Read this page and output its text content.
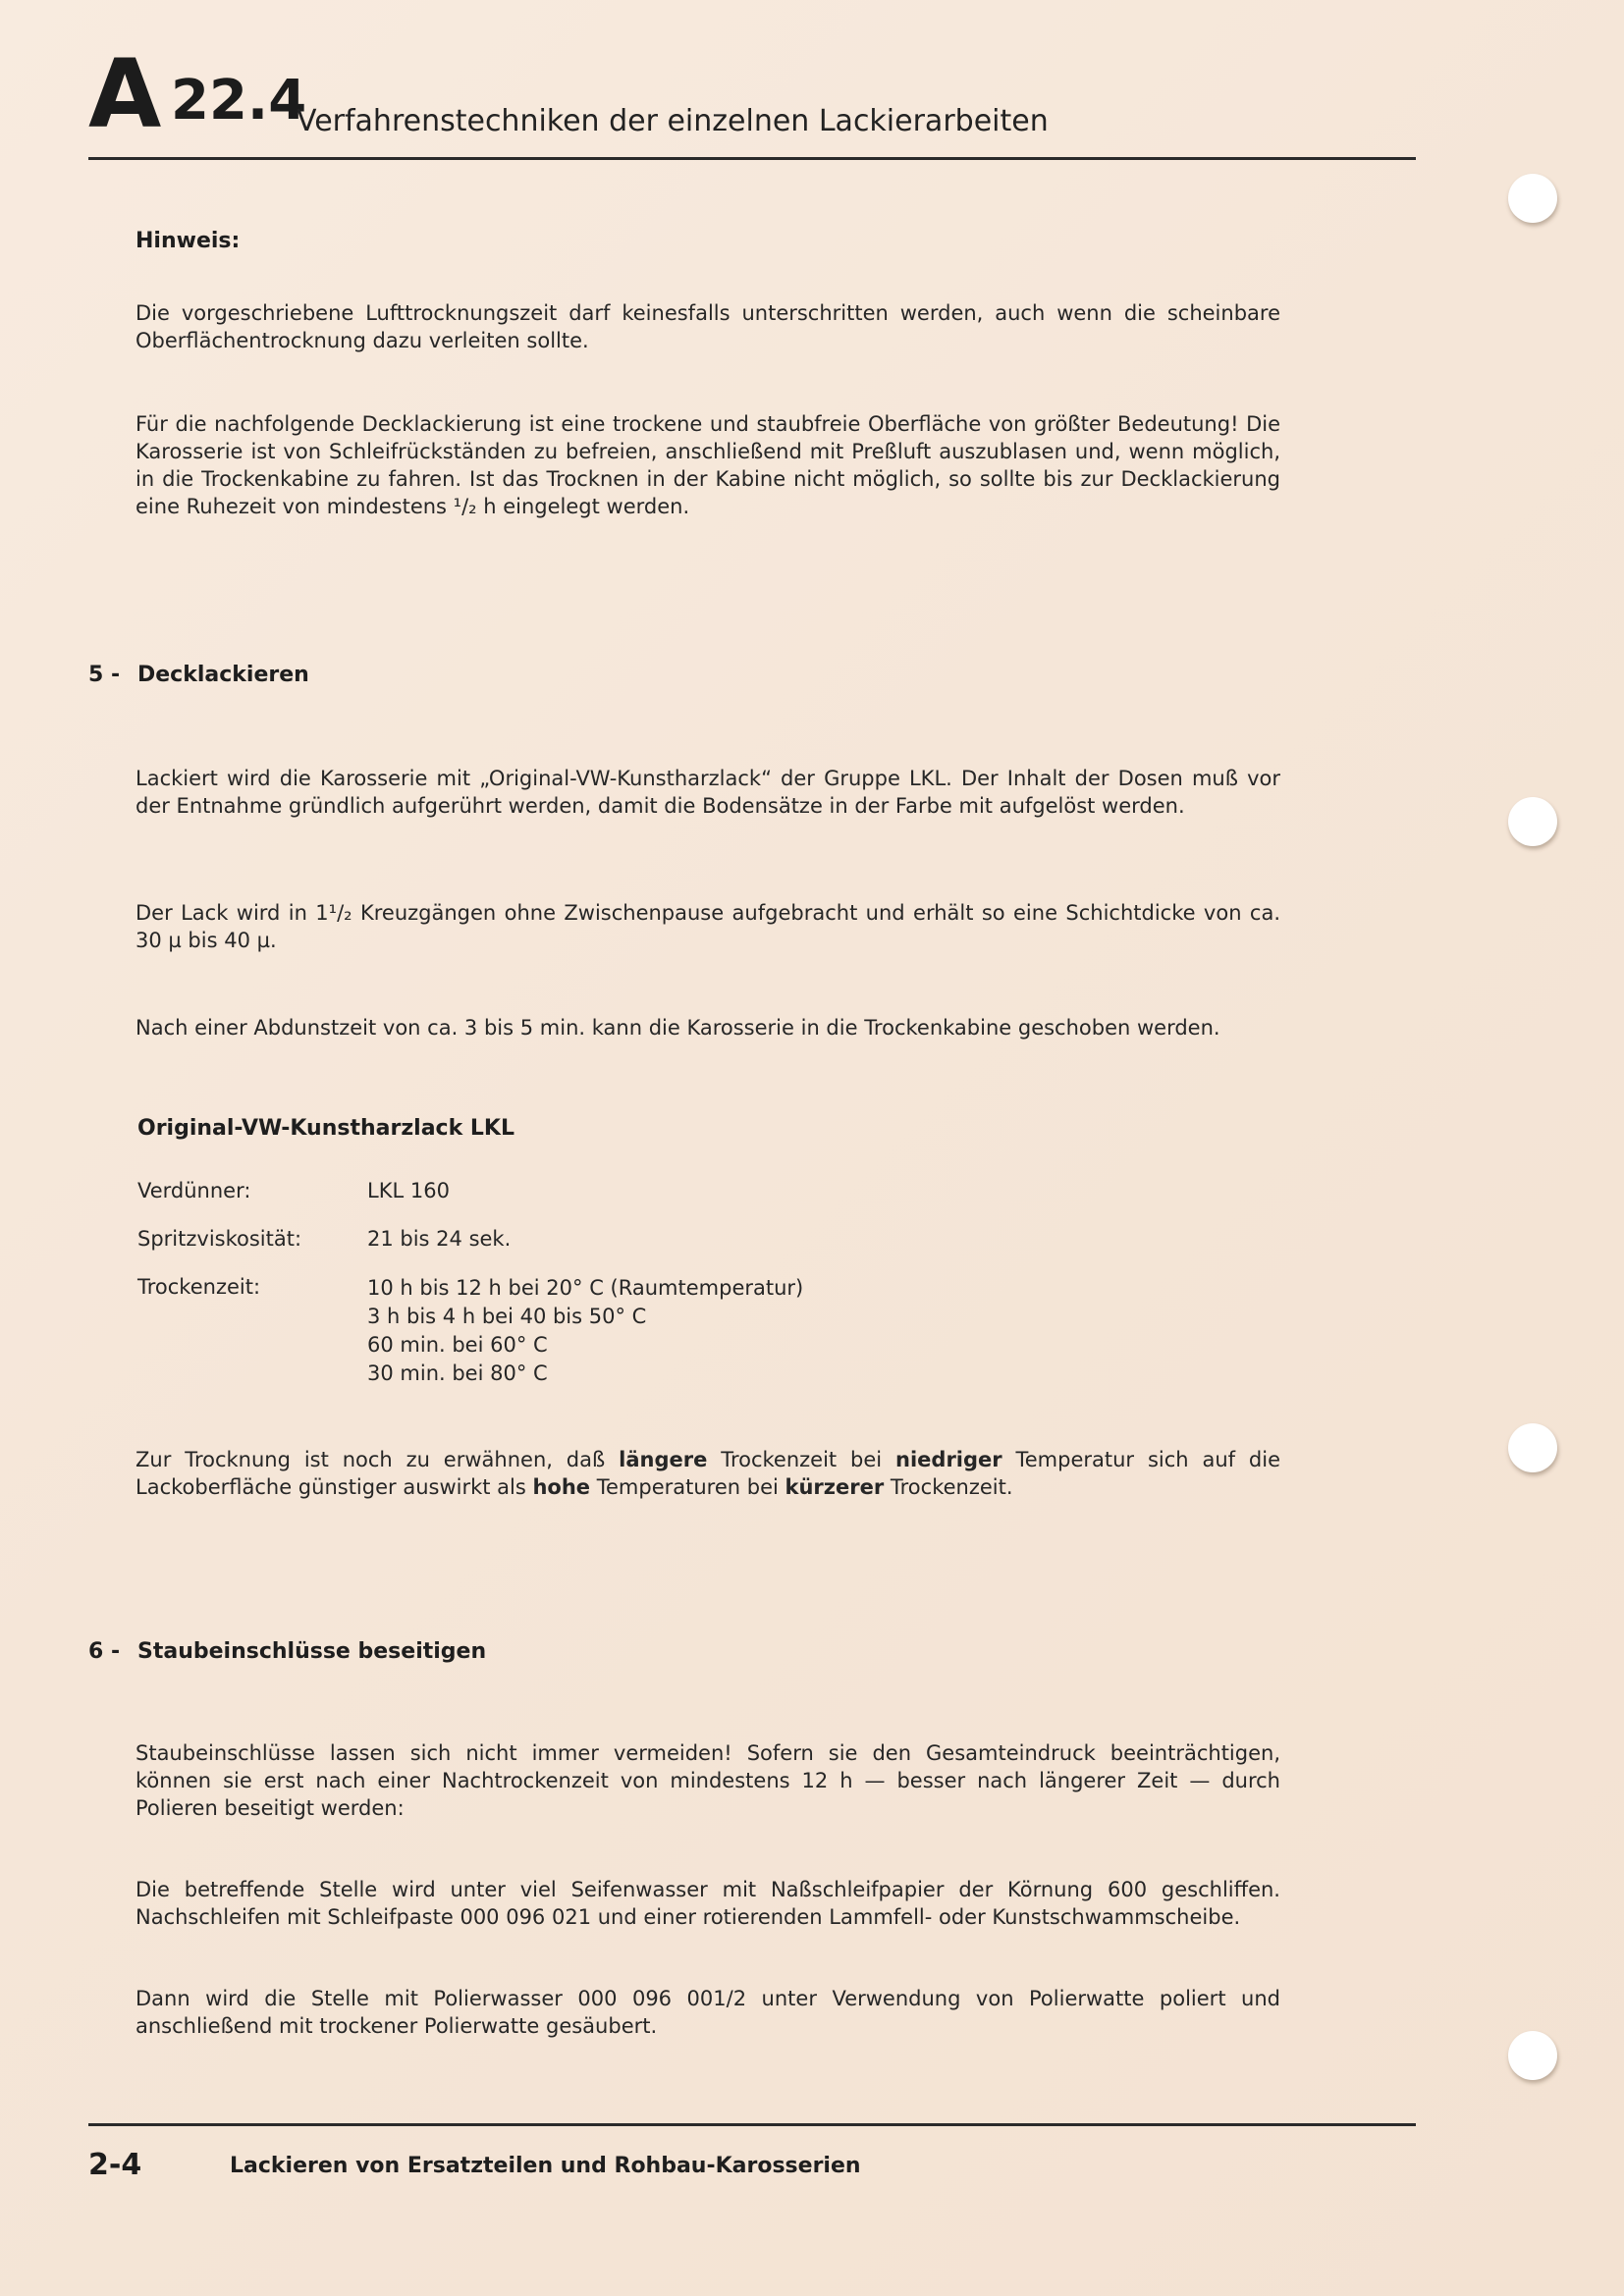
A 22.4
Verfahrenstechniken der einzelnen Lackierarbeiten
Hinweis:
Die vorgeschriebene Lufttrocknungszeit darf keinesfalls unterschritten werden, auch wenn die scheinbare Oberflächentrocknung dazu verleiten sollte.
Für die nachfolgende Decklackierung ist eine trockene und staubfreie Oberfläche von größter Bedeutung! Die Karosserie ist von Schleifrückständen zu befreien, anschließend mit Preßluft auszublasen und, wenn möglich, in die Trockenkabine zu fahren. Ist das Trocknen in der Kabine nicht möglich, so sollte bis zur Decklackierung eine Ruhezeit von mindestens ¹/₂ h eingelegt werden.
5 - Decklackieren
Lackiert wird die Karosserie mit „Original-VW-Kunstharzlack“ der Gruppe LKL. Der Inhalt der Dosen muß vor der Entnahme gründlich aufgerührt werden, damit die Bodensätze in der Farbe mit aufgelöst werden.
Der Lack wird in 1¹/₂ Kreuzgängen ohne Zwischenpause aufgebracht und erhält so eine Schichtdicke von ca. 30 µ bis 40 µ.
Nach einer Abdunstzeit von ca. 3 bis 5 min. kann die Karosserie in die Trockenkabine geschoben werden.
Original-VW-Kunstharzlack LKL
Verdünner:	LKL 160
Spritzviskosität:	21 bis 24 sek.
Trockenzeit:	10 h bis 12 h bei 20° C (Raumtemperatur)
3 h bis 4 h bei 40 bis 50° C
60 min. bei 60° C
30 min. bei 80° C
Zur Trocknung ist noch zu erwähnen, daß längere Trockenzeit bei niedriger Temperatur sich auf die Lackoberfläche günstiger auswirkt als hohe Temperaturen bei kürzerer Trockenzeit.
6 - Staubeinschlüsse beseitigen
Staubeinschlüsse lassen sich nicht immer vermeiden! Sofern sie den Gesamteindruck beeinträchtigen, können sie erst nach einer Nachtrockenzeit von mindestens 12 h — besser nach längerer Zeit — durch Polieren beseitigt werden:
Die betreffende Stelle wird unter viel Seifenwasser mit Naßschleifpapier der Körnung 600 geschliffen. Nachschleifen mit Schleifpaste 000 096 021 und einer rotierenden Lammfell- oder Kunstschwammscheibe.
Dann wird die Stelle mit Polierwasser 000 096 001/2 unter Verwendung von Polierwatte poliert und anschließend mit trockener Polierwatte gesäubert.
2-4	Lackieren von Ersatzteilen und Rohbau-Karosserien
